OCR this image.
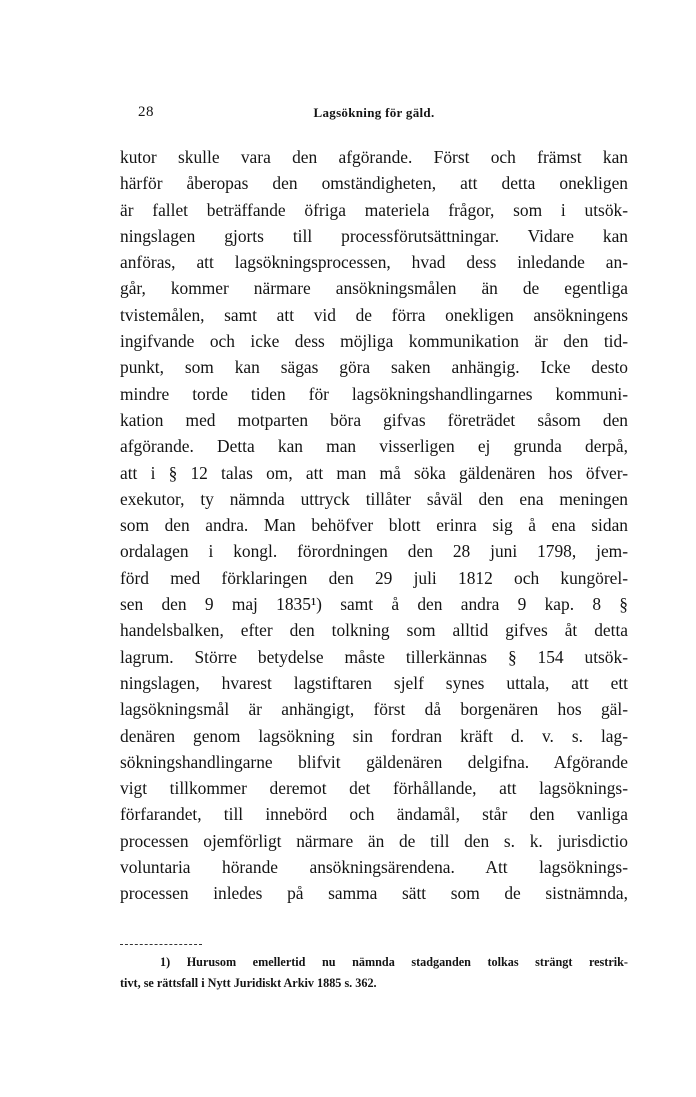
28	Lagsökning för gäld.
kutor skulle vara den afgörande. Först och främst kan
härför åberopas den omständigheten, att detta onekligen
är fallet beträffande öfriga materiela frågor, som i utsök-
ningslagen gjorts till processförutsättningar. Vidare kan
anföras, att lagsökningsprocessen, hvad dess inledande an-
går, kommer närmare ansökningsmålen än de egentliga
tvistemålen, samt att vid de förra onekligen ansökningens
ingifvande och icke dess möjliga kommunikation är den tid-
punkt, som kan sägas göra saken anhängig. Icke desto
mindre torde tiden för lagsökningshandlingarnes kommuni-
kation med motparten böra gifvas företrädet såsom den
afgörande. Detta kan man visserligen ej grunda derpå,
att i § 12 talas om, att man må söka gäldenären hos öfver-
exekutor, ty nämnda uttryck tillåter såväl den ena meningen
som den andra. Man behöfver blott erinra sig å ena sidan
ordalagen i kongl. förordningen den 28 juni 1798, jem-
förd med förklaringen den 29 juli 1812 och kungörel-
sen den 9 maj 1835¹) samt å den andra 9 kap. 8 §
handelsbalken, efter den tolkning som alltid gifves åt detta
lagrum. Större betydelse måste tillerkännas § 154 utsök-
ningslagen, hvarest lagstiftaren sjelf synes uttala, att ett
lagsökningsmål är anhängigt, först då borgenären hos gäl-
denären genom lagsökning sin fordran kräft d. v. s. lag-
sökningshandlingarne blifvit gäldenären delgifna. Afgörande
vigt tillkommer deremot det förhållande, att lagsöknings-
förfarandet, till innebörd och ändamål, står den vanliga
processen ojemförligt närmare än de till den s. k. jurisdictio
voluntaria hörande ansökningsärendena. Att lagsöknings-
processen inledes på samma sätt som de sistnämnda,
1) Hurusom emellertid nu nämnda stadganden tolkas strängt restrik-
tivt, se rättsfall i Nytt Juridiskt Arkiv 1885 s. 362.
